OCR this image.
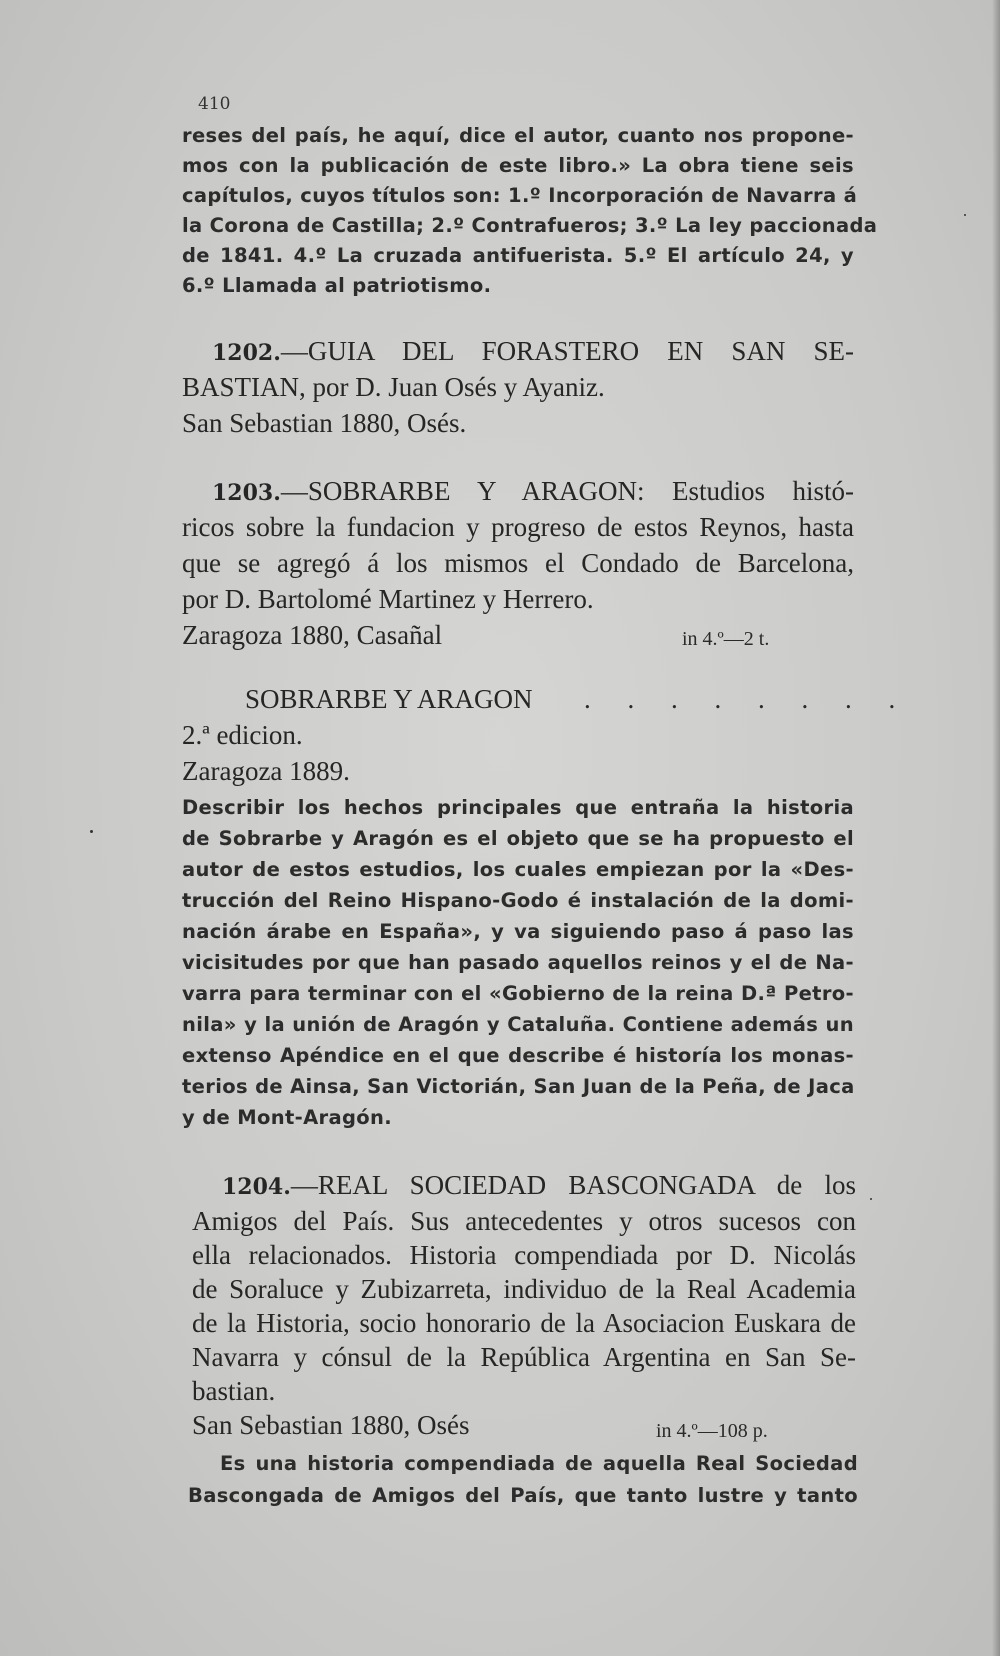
410
reses del país, he aquí, dice el autor, cuanto nos propone-
mos con la publicación de este libro.» La obra tiene seis
capítulos, cuyos títulos son: 1.º Incorporación de Navarra á
la Corona de Castilla; 2.º Contrafueros; 3.º La ley paccionada
de 1841. 4.º La cruzada antifuerista. 5.º El artículo 24, y
6.º Llamada al patriotismo.
1202.—GUIA DEL FORASTERO EN SAN SE-
BASTIAN, por D. Juan Osés y Ayaniz.
San Sebastian 1880, Osés.
1203.—SOBRARBE Y ARAGON: Estudios histó-
ricos sobre la fundacion y progreso de estos Reynos, hasta
que se agregó á los mismos el Condado de Barcelona,
por D. Bartolomé Martinez y Herrero.
Zaragoza 1880, Casañal	in 4.º—2 t.
SOBRARBE Y ARAGON	. . . . . . . .
2.ª edicion.
Zaragoza 1889.
Describir los hechos principales que entraña la historia
de Sobrarbe y Aragón es el objeto que se ha propuesto el
autor de estos estudios, los cuales empiezan por la «Des-
trucción del Reino Hispano-Godo é instalación de la domi-
nación árabe en España», y va siguiendo paso á paso las
vicisitudes por que han pasado aquellos reinos y el de Na-
varra para terminar con el «Gobierno de la reina D.ª Petro-
nila» y la unión de Aragón y Cataluña. Contiene además un
extenso Apéndice en el que describe é historía los monas-
terios de Ainsa, San Victorián, San Juan de la Peña, de Jaca
y de Mont-Aragón.
1204.—REAL SOCIEDAD BASCONGADA de los
Amigos del País. Sus antecedentes y otros sucesos con
ella relacionados. Historia compendiada por D. Nicolás
de Soraluce y Zubizarreta, individuo de la Real Academia
de la Historia, socio honorario de la Asociacion Euskara de
Navarra y cónsul de la República Argentina en San Se-
bastian.
San Sebastian 1880, Osés	in 4.º—108 p.
Es una historia compendiada de aquella Real Sociedad
Bascongada de Amigos del País, que tanto lustre y tanto
